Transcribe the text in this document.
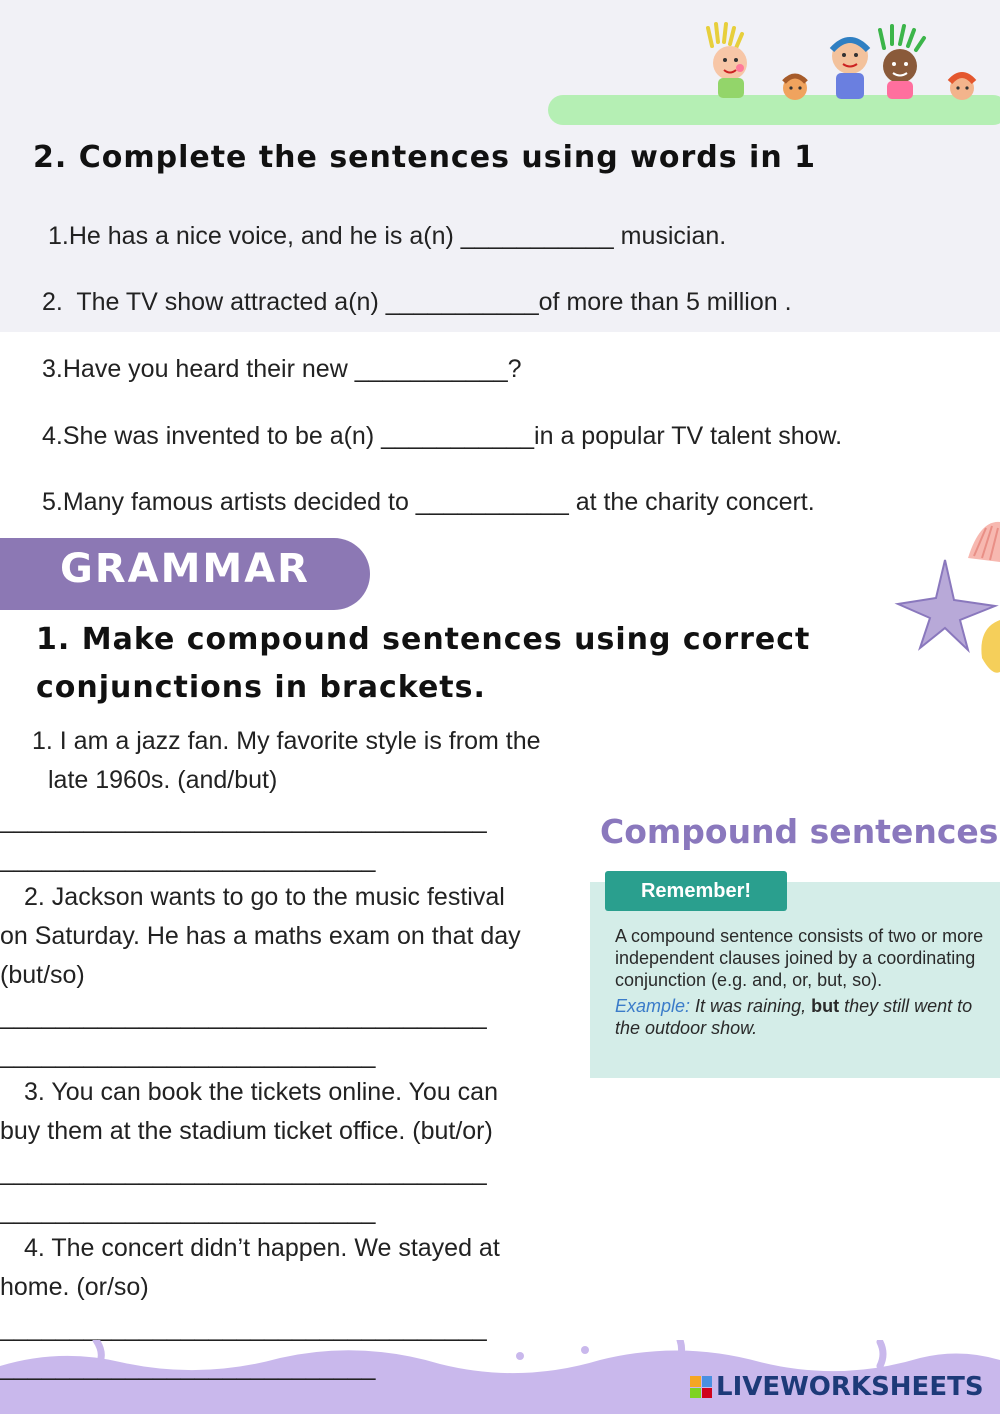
2. Complete the sentences using words in 1
1.He has a nice voice, and he is a(n) ___________ musician.
2. The TV show attracted a(n) ___________of more than 5 million .
3.Have you heard their new ___________?
4.She was invented to be a(n) ___________in a popular TV talent show.
5.Many famous artists decided to ___________ at the charity concert.
GRAMMAR
1. Make compound sentences using correct
conjunctions in brackets.
1. I am a jazz fan. My favorite style is from the
late 1960s. (and/but)
___________________________________
___________________________
2. Jackson wants to go to the music festival
on Saturday. He has a maths exam on that day
(but/so)
___________________________________
___________________________
3. You can book the tickets online. You can
buy them at the stadium ticket office. (but/or)
___________________________________
___________________________
4. The concert didn’t happen. We stayed at
home. (or/so)
___________________________________
Compound sentences
Remember!
A compound sentence consists of two or more independent clauses joined by a coordinating conjunction (e.g. and, or, but, so).
Example: It was raining, but they still went to the outdoor show.
___________________________
LIVEWORKSHEETS
